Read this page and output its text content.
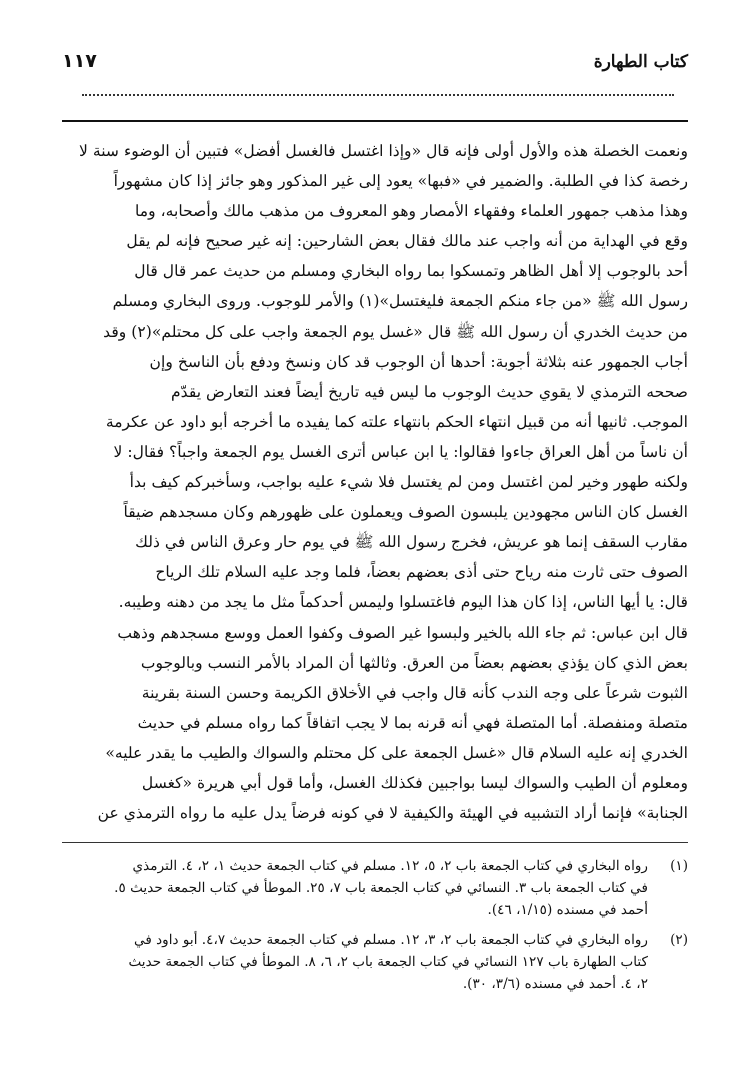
كتاب الطهارة
١١٧

ونعمت الخصلة هذه والأول أولى فإنه قال «وإذا اغتسل فالغسل أفضل» فتبين أن الوضوء سنة لا

رخصة كذا في الطلبة. والضمير في «فبها» يعود إلى غير المذكور وهو جائز إذا كان مشهوراً

وهذا مذهب جمهور العلماء وفقهاء الأمصار وهو المعروف من مذهب مالك وأصحابه، وما

وقع في الهداية من أنه واجب عند مالك فقال بعض الشارحين: إنه غير صحيح فإنه لم يقل

أحد بالوجوب إلا أهل الظاهر وتمسكوا بما رواه البخاري ومسلم من حديث عمر قال قال

رسول الله ﷺ «من جاء منكم الجمعة فليغتسل»(١) والأمر للوجوب. وروى البخاري ومسلم

من حديث الخدري أن رسول الله ﷺ قال «غسل يوم الجمعة واجب على كل محتلم»(٢) وقد

أجاب الجمهور عنه بثلاثة أجوبة: أحدها أن الوجوب قد كان ونسخ ودفع بأن الناسخ وإن

صححه الترمذي لا يقوي حديث الوجوب ما ليس فيه تاريخ أيضاً فعند التعارض يقدّم

الموجب. ثانيها أنه من قبيل انتهاء الحكم بانتهاء علته كما يفيده ما أخرجه أبو داود عن عكرمة

أن ناساً من أهل العراق جاءوا فقالوا: يا ابن عباس أترى الغسل يوم الجمعة واجباً؟ فقال: لا

ولكنه طهور وخير لمن اغتسل ومن لم يغتسل فلا شيء عليه بواجب، وسأخبركم كيف بدأ

الغسل كان الناس مجهودين يلبسون الصوف ويعملون على ظهورهم وكان مسجدهم ضيقاً

مقارب السقف إنما هو عريش، فخرج رسول الله ﷺ في يوم حار وعرق الناس في ذلك

الصوف حتى ثارت منه رياح حتى أذى بعضهم بعضاً، فلما وجد عليه السلام تلك الرياح

قال: يا أيها الناس، إذا كان هذا اليوم فاغتسلوا وليمس أحدكماً مثل ما يجد من دهنه وطيبه.

قال ابن عباس: ثم جاء الله بالخير ولبسوا غير الصوف وكفوا العمل ووسع مسجدهم وذهب

بعض الذي كان يؤذي بعضهم بعضاً من العرق. وثالثها أن المراد بالأمر النسب وبالوجوب

الثبوت شرعاً على وجه الندب كأنه قال واجب في الأخلاق الكريمة وحسن السنة بقرينة

متصلة ومنفصلة. أما المتصلة فهي أنه قرنه بما لا يجب اتفاقاً كما رواه مسلم في حديث

الخدري إنه عليه السلام قال «غسل الجمعة على كل محتلم والسواك والطيب ما يقدر عليه»

ومعلوم أن الطيب والسواك ليسا بواجبين فكذلك الغسل، وأما قول أبي هريرة «كغسل

الجنابة» فإنما أراد التشبيه في الهيئة والكيفية لا في كونه فرضاً يدل عليه ما رواه الترمذي عن

(١)
رواه البخاري في كتاب الجمعة باب ٢، ٥، ١٢. مسلم في كتاب الجمعة حديث ١، ٢، ٤. الترمذي
في كتاب الجمعة باب ٣. النسائي في كتاب الجمعة باب ٧، ٢٥. الموطأ في كتاب الجمعة حديث ٥.
أحمد في مسنده (١/١٥، ٤٦).
(٢)
رواه البخاري في كتاب الجمعة باب ٢، ٣، ١٢. مسلم في كتاب الجمعة حديث ٤،٧. أبو داود في
كتاب الطهارة باب ١٢٧ النسائي في كتاب الجمعة باب ٢، ٦، ٨. الموطأ في كتاب الجمعة حديث
٢، ٤. أحمد في مسنده (٣/٦، ٣٠).
